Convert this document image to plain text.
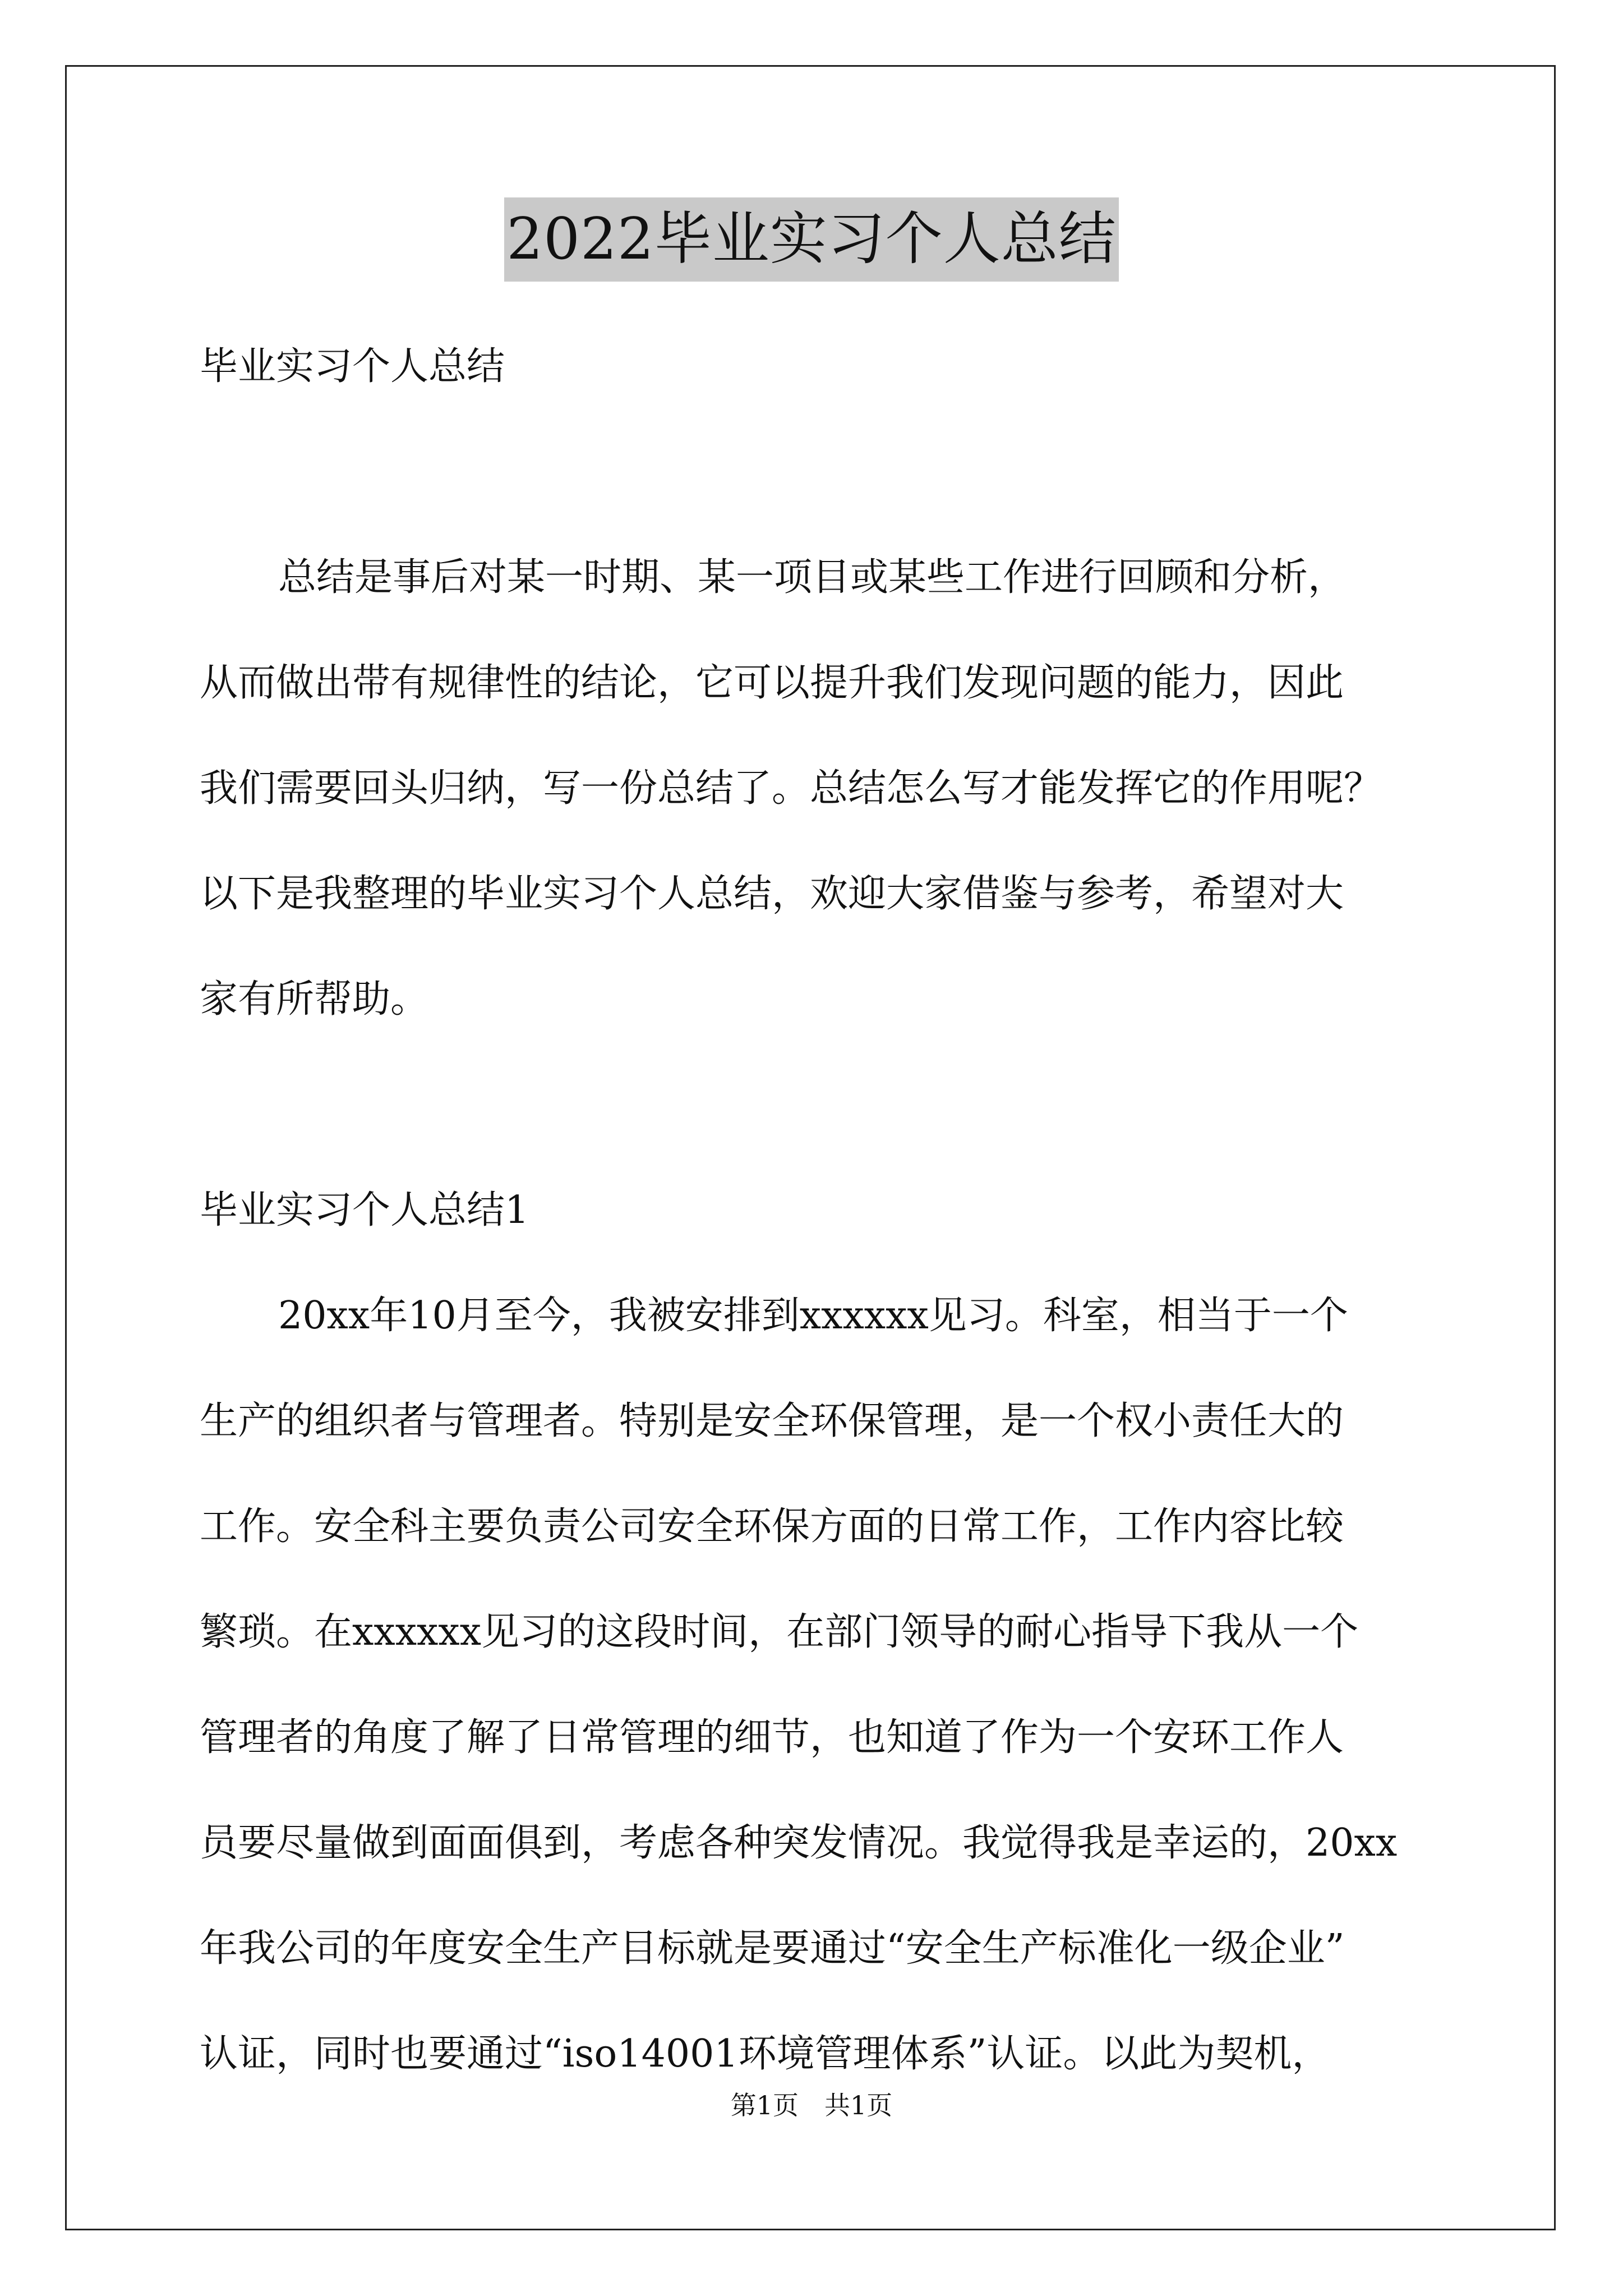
2022毕业实习个人总结
毕业实习个人总结
总结是事后对某一时期、某一项目或某些工作进行回顾和分析，
从而做出带有规律性的结论，它可以提升我们发现问题的能力，因此
我们需要回头归纳，写一份总结了。总结怎么写才能发挥它的作用呢？
以下是我整理的毕业实习个人总结，欢迎大家借鉴与参考，希望对大
家有所帮助。
毕业实习个人总结1
20xx年10月至今，我被安排到xxxxxx见习。科室，相当于一个
生产的组织者与管理者。特别是安全环保管理，是一个权小责任大的
工作。安全科主要负责公司安全环保方面的日常工作，工作内容比较
繁琐。在xxxxxx见习的这段时间，在部门领导的耐心指导下我从一个
管理者的角度了解了日常管理的细节，也知道了作为一个安环工作人
员要尽量做到面面俱到，考虑各种突发情况。我觉得我是幸运的，20xx
年我公司的年度安全生产目标就是要通过“安全生产标准化一级企业”
认证，同时也要通过“iso14001环境管理体系”认证。以此为契机，
第1页 共1页
